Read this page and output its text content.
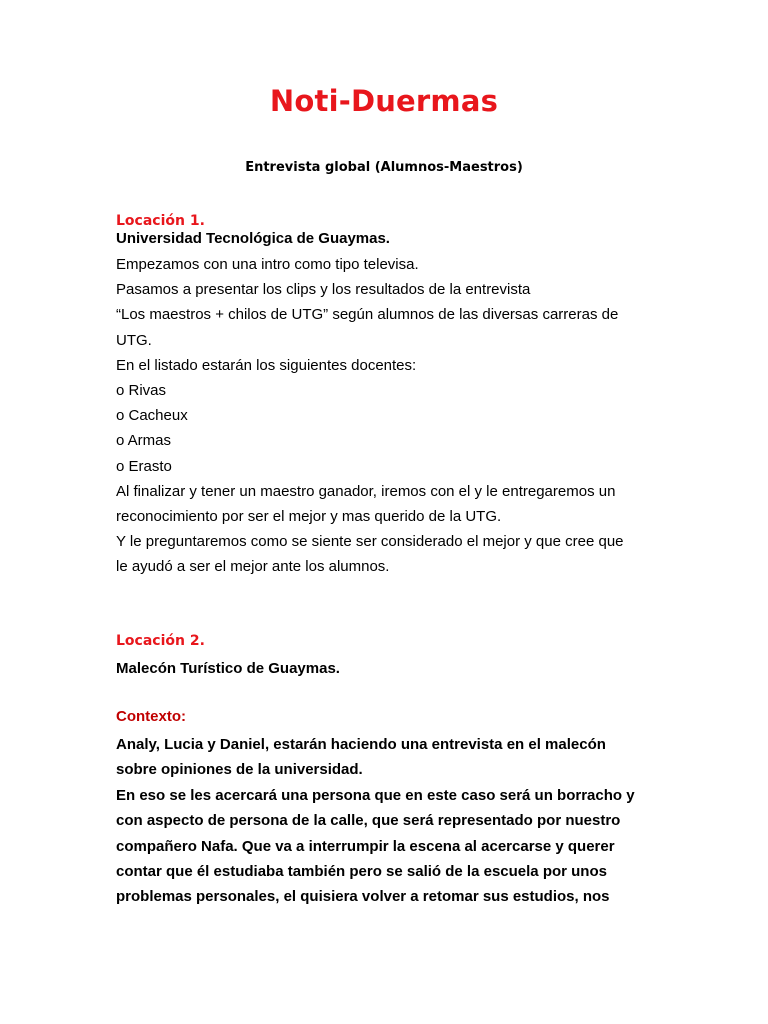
Noti-Duermas
Entrevista global (Alumnos-Maestros)
Locación 1.
Universidad Tecnológica de Guaymas.
Empezamos con una intro como tipo televisa.
Pasamos a presentar los clips y los resultados de la entrevista
“Los maestros + chilos de UTG” según alumnos de las diversas carreras de
UTG.
En el listado estarán los siguientes docentes:
o Rivas
o Cacheux
o Armas
o Erasto
Al finalizar y tener un maestro ganador, iremos con el y le entregaremos un
reconocimiento por ser el mejor y mas querido de la UTG.
Y le preguntaremos como se siente ser considerado el mejor y que cree que
le ayudó a ser el mejor ante los alumnos.
Locación 2.
Malecón Turístico de Guaymas.
Contexto:
Analy, Lucia y Daniel, estarán haciendo una entrevista en el malecón
sobre opiniones de la universidad.
En eso se les acercará una persona que en este caso será un borracho y
con aspecto de persona de la calle, que será representado por nuestro
compañero Nafa. Que va a interrumpir la escena al acercarse y querer
contar que él estudiaba también pero se salió de la escuela por unos
problemas personales, el quisiera volver a retomar sus estudios, nos
